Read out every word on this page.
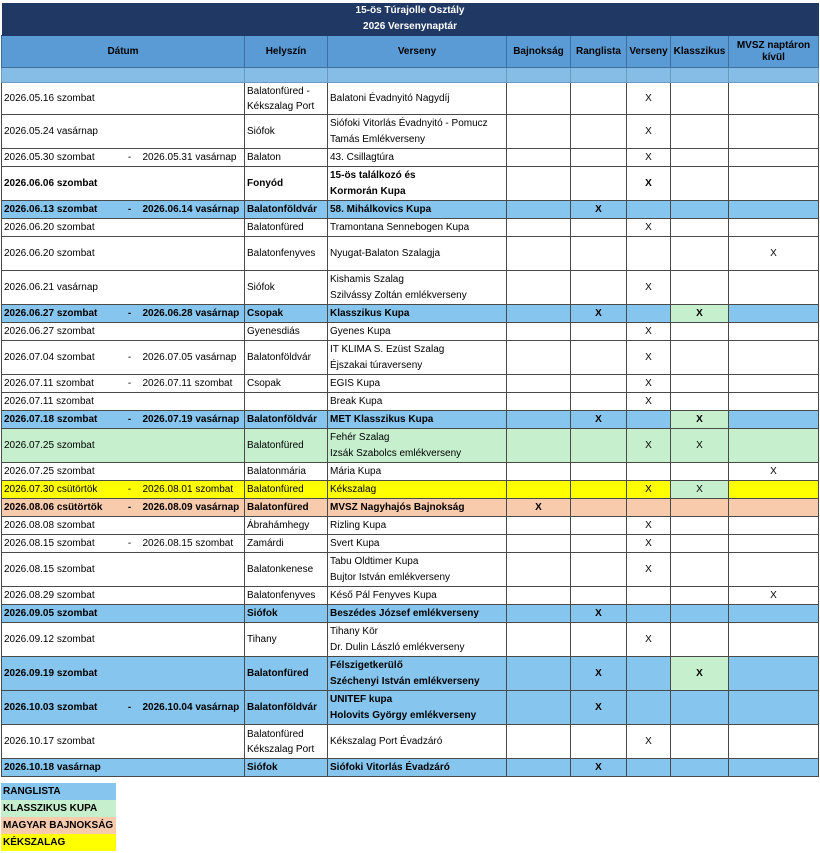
15-ös Túrajolle Osztály									
2026 Versenynaptár									
Dátum			Helyszín	Verseny	Bajnokság	Ranglista	Verseny	Klasszikus	MVSZ naptáron kívül

2026.05.16 szombat			Balatonfüred - Kékszalag Port	Balatoni Évadnyitó Nagydíj			X		
2026.05.24 vasárnap			Siófok	Siófoki Vitorlás Évadnyitó - Pomucz
Tamás Emlékverseny			X		
2026.05.30 szombat	-	2026.05.31 vasárnap	Balaton	43. Csillagtúra			X		
2026.06.06 szombat			Fonyód	15-ös találkozó és
Kormorán Kupa			X		
2026.06.13 szombat	-	2026.06.14 vasárnap	Balatonföldvár	58. Mihálkovics Kupa		X			
2026.06.20 szombat			Balatonfüred	Tramontana Sennebogen Kupa			X		
2026.06.20 szombat			Balatonfenyves	Nyugat-Balaton Szalagja					X
2026.06.21 vasárnap			Siófok	Kishamis Szalag
Szilvássy Zoltán emlékverseny			X		
2026.06.27 szombat	-	2026.06.28 vasárnap	Csopak	Klasszikus Kupa		X		X	
2026.06.27 szombat			Gyenesdiás	Gyenes Kupa			X		
2026.07.04 szombat	-	2026.07.05 vasárnap	Balatonföldvár	IT KLIMA S. Ezüst Szalag
Éjszakai túraverseny			X		
2026.07.11 szombat	-	2026.07.11 szombat	Csopak	EGIS Kupa			X		
2026.07.11 szombat				Break Kupa			X		
2026.07.18 szombat	-	2026.07.19 vasárnap	Balatonföldvár	MET Klasszikus Kupa		X		X	
2026.07.25 szombat			Balatonfüred	Fehér Szalag
Izsák Szabolcs emlékverseny			X	X	
2026.07.25 szombat			Balatonmária	Mária Kupa					X
2026.07.30 csütörtök	-	2026.08.01 szombat	Balatonfüred	Kékszalag			X	X	
2026.08.06 csütörtök	-	2026.08.09 vasárnap	Balatonfüred	MVSZ Nagyhajós Bajnokság	X				
2026.08.08 szombat			Ábrahámhegy	Rizling Kupa			X		
2026.08.15 szombat	-	2026.08.15 szombat	Zamárdi	Svert Kupa			X		
2026.08.15 szombat			Balatonkenese	Tabu Oldtimer Kupa
Bujtor István emlékverseny			X		
2026.08.29 szombat			Balatonfenyves	Késő Pál Fenyves Kupa					X
2026.09.05 szombat			Siófok	Beszédes József emlékverseny		X			
2026.09.12 szombat			Tihany	Tihany Kör
Dr. Dulin László emlékverseny			X		
2026.09.19 szombat			Balatonfüred	Félszigetkerülő
Széchenyi István emlékverseny		X		X	
2026.10.03 szombat	-	2026.10.04 vasárnap	Balatonföldvár	UNITEF kupa
Holovits György emlékverseny		X			
2026.10.17 szombat			Balatonfüred Kékszalag Port	Kékszalag Port Évadzáró			X		
2026.10.18 vasárnap			Siófok	Siófoki Vitorlás Évadzáró		X			
RANGLISTA
KLASSZIKUS KUPA
MAGYAR BAJNOKSÁG
KÉKSZALAG
